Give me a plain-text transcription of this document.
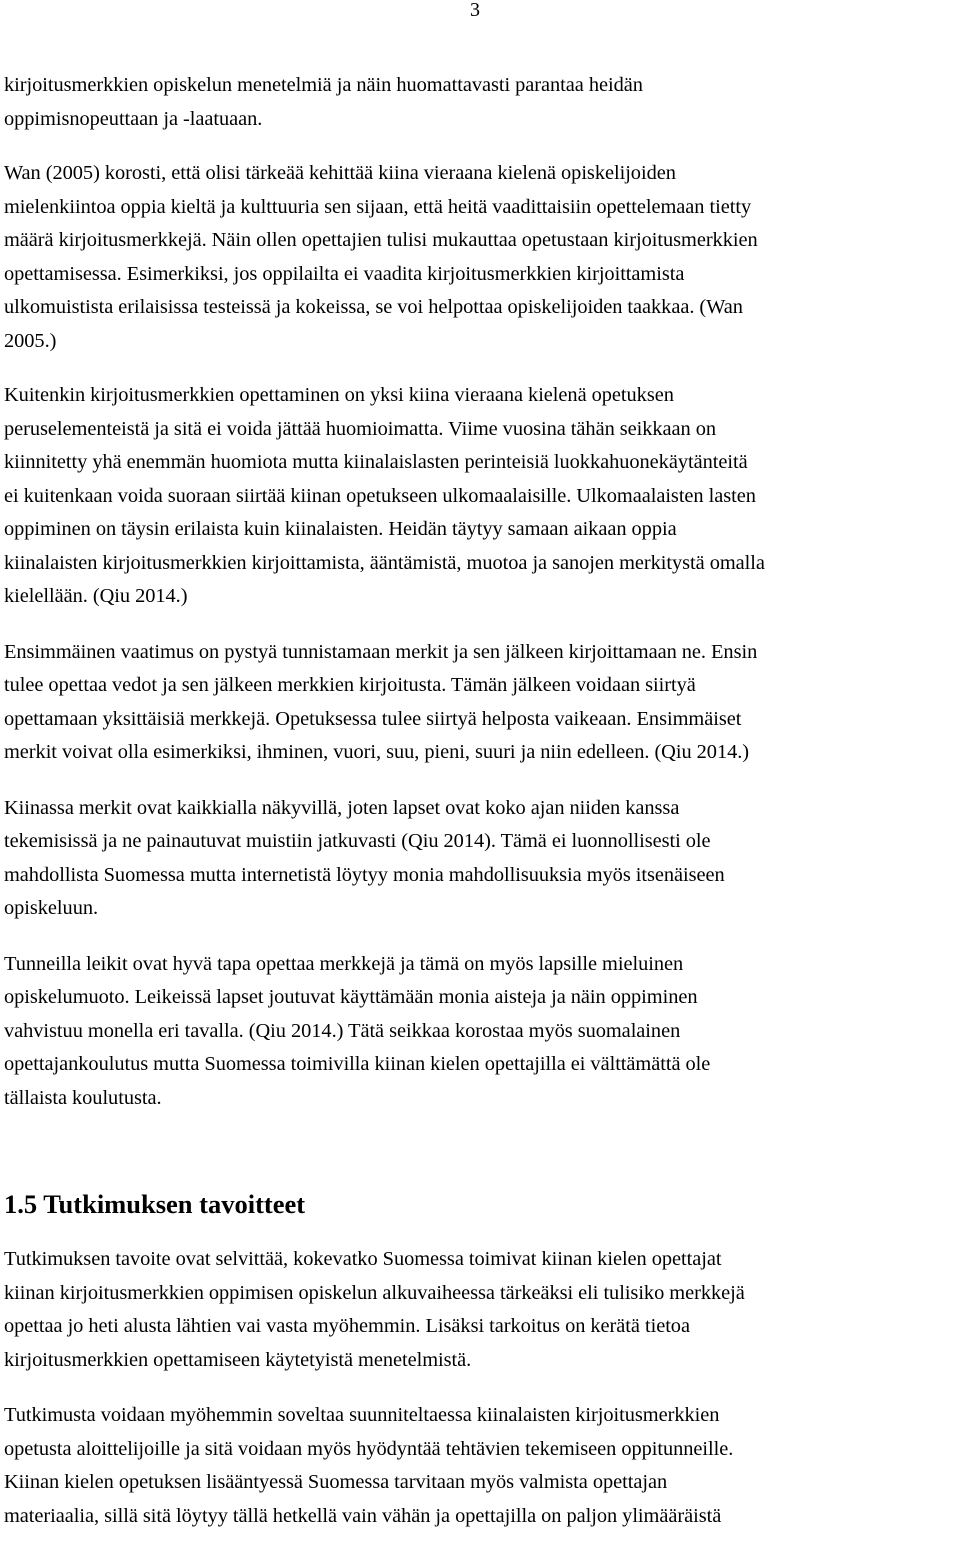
3

kirjoitusmerkkien opiskelun menetelmiä ja näin huomattavasti parantaa heidän
oppimisnopeuttaan ja -laatuaan.

Wan (2005) korosti, että olisi tärkeää kehittää kiina vieraana kielenä opiskelijoiden
mielenkiintoa oppia kieltä ja kulttuuria sen sijaan, että heitä vaadittaisiin opettelemaan tietty
määrä kirjoitusmerkkejä. Näin ollen opettajien tulisi mukauttaa opetustaan kirjoitusmerkkien
opettamisessa. Esimerkiksi, jos oppilailta ei vaadita kirjoitusmerkkien kirjoittamista
ulkomuistista erilaisissa testeissä ja kokeissa, se voi helpottaa opiskelijoiden taakkaa. (Wan
2005.)

Kuitenkin kirjoitusmerkkien opettaminen on yksi kiina vieraana kielenä opetuksen
peruselementeistä ja sitä ei voida jättää huomioimatta. Viime vuosina tähän seikkaan on
kiinnitetty yhä enemmän huomiota mutta kiinalaislasten perinteisiä luokkahuonekäytänteitä
ei kuitenkaan voida suoraan siirtää kiinan opetukseen ulkomaalaisille. Ulkomaalaisten lasten
oppiminen on täysin erilaista kuin kiinalaisten. Heidän täytyy samaan aikaan oppia
kiinalaisten kirjoitusmerkkien kirjoittamista, ääntämistä, muotoa ja sanojen merkitystä omalla
kielellään. (Qiu 2014.)

Ensimmäinen vaatimus on pystyä tunnistamaan merkit ja sen jälkeen kirjoittamaan ne. Ensin
tulee opettaa vedot ja sen jälkeen merkkien kirjoitusta. Tämän jälkeen voidaan siirtyä
opettamaan yksittäisiä merkkejä. Opetuksessa tulee siirtyä helposta vaikeaan. Ensimmäiset
merkit voivat olla esimerkiksi, ihminen, vuori, suu, pieni, suuri ja niin edelleen. (Qiu 2014.)

Kiinassa merkit ovat kaikkialla näkyvillä, joten lapset ovat koko ajan niiden kanssa
tekemisissä ja ne painautuvat muistiin jatkuvasti (Qiu 2014). Tämä ei luonnollisesti ole
mahdollista Suomessa mutta internetistä löytyy monia mahdollisuuksia myös itsenäiseen
opiskeluun.

Tunneilla leikit ovat hyvä tapa opettaa merkkejä ja tämä on myös lapsille mieluinen
opiskelumuoto. Leikeissä lapset joutuvat käyttämään monia aisteja ja näin oppiminen
vahvistuu monella eri tavalla. (Qiu 2014.) Tätä seikkaa korostaa myös suomalainen
opettajankoulutus mutta Suomessa toimivilla kiinan kielen opettajilla ei välttämättä ole
tällaista koulutusta.

1.5 Tutkimuksen tavoitteet

Tutkimuksen tavoite ovat selvittää, kokevatko Suomessa toimivat kiinan kielen opettajat
kiinan kirjoitusmerkkien oppimisen opiskelun alkuvaiheessa tärkeäksi eli tulisiko merkkejä
opettaa jo heti alusta lähtien vai vasta myöhemmin. Lisäksi tarkoitus on kerätä tietoa
kirjoitusmerkkien opettamiseen käytetyistä menetelmistä.

Tutkimusta voidaan myöhemmin soveltaa suunniteltaessa kiinalaisten kirjoitusmerkkien
opetusta aloittelijoille ja sitä voidaan myös hyödyntää tehtävien tekemiseen oppitunneille.
Kiinan kielen opetuksen lisääntyessä Suomessa tarvitaan myös valmista opettajan
materiaalia, sillä sitä löytyy tällä hetkellä vain vähän ja opettajilla on paljon ylimääräistä
